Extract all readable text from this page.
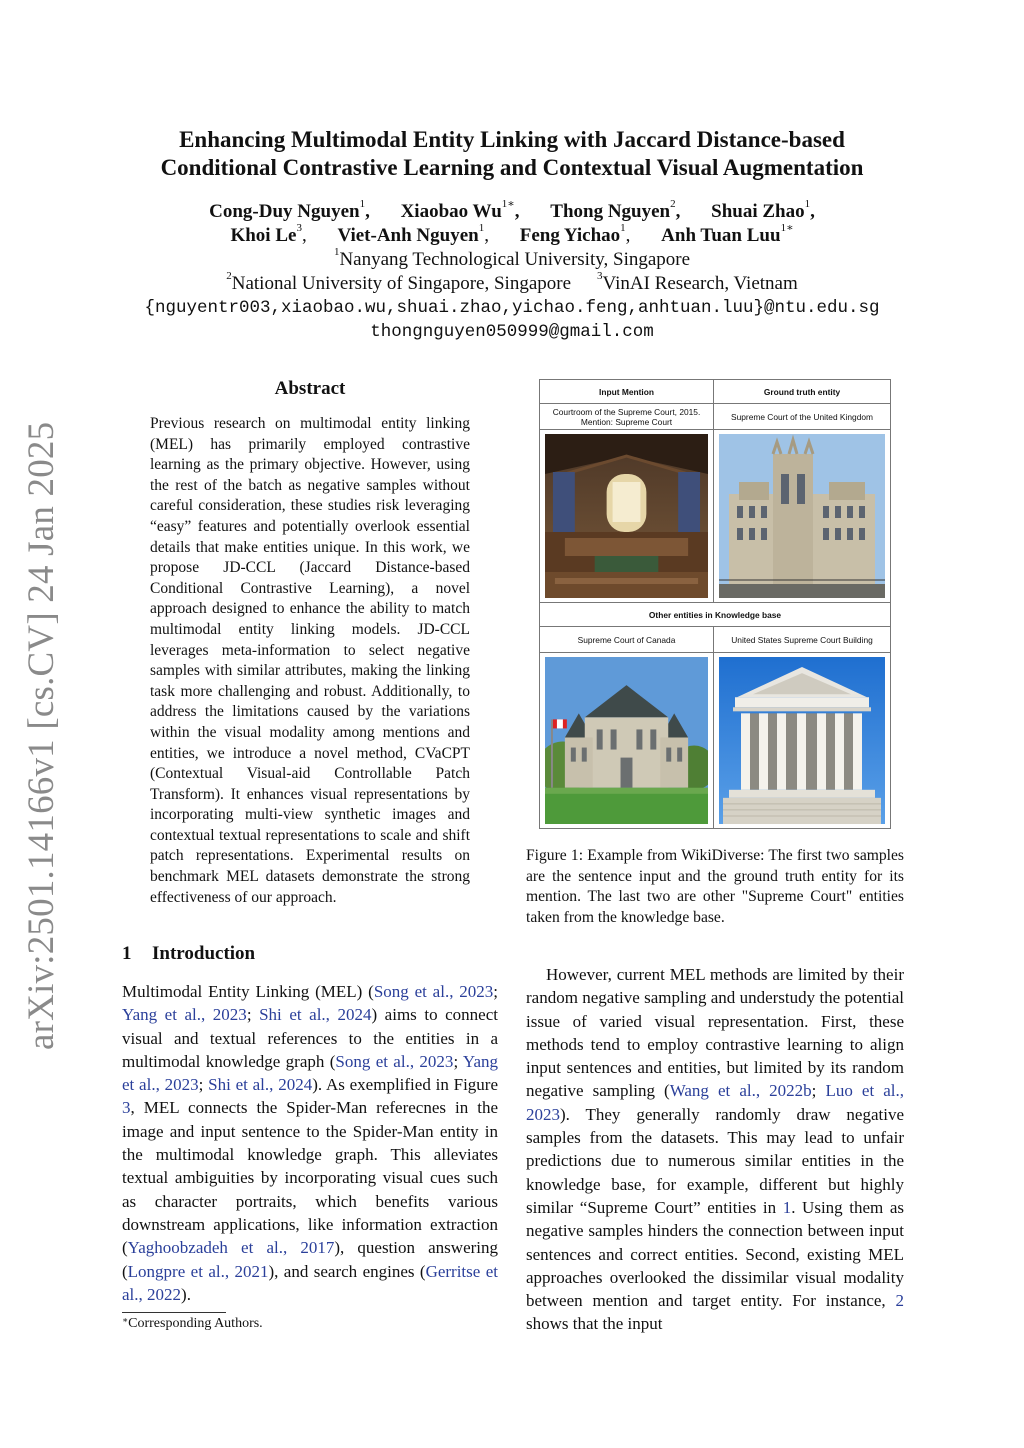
arXiv:2501.14166v1 [cs.CV] 24 Jan 2025
Enhancing Multimodal Entity Linking with Jaccard Distance-based
Conditional Contrastive Learning and Contextual Visual Augmentation
Cong-Duy Nguyen$^1$, Xiaobao $Wu^{1∗}$, Thong Nguyen$^2$, Shuai Zhao$^1$,
Khoi Le$^3$, Viet-Anh Nguyen$^1$, Feng Yichao$^1$, Anh Tuan Luu$^{1∗}$
$^1$Nanyang Technological University, Singapore
$^2$National University of Singapore, Singapore $^3$VinAI Research, Vietnam
{nguyentr003,xiaobao.wu,shuai.zhao,yichao.feng,anhtuan.luu}@ntu.edu.sg
thongnguyen050999@gmail.com
Abstract
Previous research on multimodal entity linking (MEL) has primarily employed contrastive learning as the primary objective. However, using the rest of the batch as negative samples without careful consideration, these studies risk leveraging “easy” features and potentially overlook essential details that make entities unique. In this work, we propose JD-CCL (Jaccard Distance-based Conditional Contrastive Learning), a novel approach designed to enhance the ability to match multimodal entity linking models. JD-CCL leverages meta-information to select negative samples with similar attributes, making the linking task more challenging and robust. Additionally, to address the limitations caused by the variations within the visual modality among mentions and entities, we introduce a novel method, CVaCPT (Contextual Visual-aid Controllable Patch Transform). It enhances visual representations by incorporating multi-view synthetic images and contextual textual representations to scale and shift patch representations. Experimental results on benchmark MEL datasets demonstrate the strong effectiveness of our approach.
1 Introduction
Multimodal Entity Linking (MEL) (Song et al., 2023; Yang et al., 2023; Shi et al., 2024) aims to connect visual and textual references to the entities in a multimodal knowledge graph (Song et al., 2023; Yang et al., 2023; Shi et al., 2024). As exemplified in Figure 3, MEL connects the Spider-Man referecnes in the image and input sentence to the Spider-Man entity in the multimodal knowledge graph. This alleviates textual ambiguities by incorporating visual cues such as character portraits, which benefits various downstream applications, like information extraction (Yaghoobzadeh et al., 2017), question answering (Longpre et al., 2021), and search engines (Gerritse et al., 2022).
∗Corresponding Authors.
Input Mention	Ground truth entity
Courtroom of the Supreme Court, 2015. Mention: Supreme Court	Supreme Court of the United Kingdom
Other entities in Knowledge base
Supreme Court of Canada	United States Supreme Court Building
Figure 1: Example from WikiDiverse: The first two samples are the sentence input and the ground truth entity for its mention. The last two are other "Supreme Court" entities taken from the knowledge base.
However, current MEL methods are limited by their random negative sampling and understudy the potential issue of varied visual representation. First, these methods tend to employ contrastive learning to align input sentences and entities, but limited by its random negative sampling (Wang et al., 2022b; Luo et al., 2023). They generally randomly draw negative samples from the datasets. This may lead to unfair predictions due to numerous similar entities in the knowledge base, for example, different but highly similar “Supreme Court” entities in 1. Using them as negative samples hinders the connection between input sentences and correct entities. Second, existing MEL approaches overlooked the dissimilar visual modality between mention and target entity. For instance, 2 shows that the input
